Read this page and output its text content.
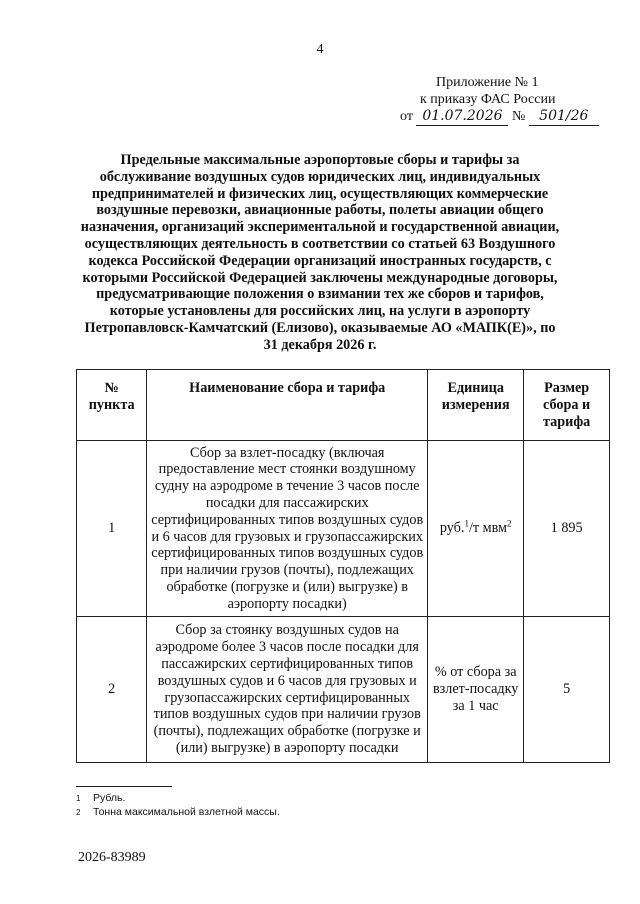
4
Приложение № 1
к приказу ФАС России
от 01.07.2026 № 501/26
Предельные максимальные аэропортовые сборы и тарифы за обслуживание воздушных судов юридических лиц, индивидуальных предпринимателей и физических лиц, осуществляющих коммерческие воздушные перевозки, авиационные работы, полеты авиации общего назначения, организаций экспериментальной и государственной авиации, осуществляющих деятельность в соответствии со статьей 63 Воздушного кодекса Российской Федерации организаций иностранных государств, с которыми Российской Федерацией заключены международные договоры, предусматривающие положения о взимании тех же сборов и тарифов, которые установлены для российских лиц, на услуги в аэропорту Петропавловск-Камчатский (Елизово), оказываемые АО «МАПК(Е)», по 31 декабря 2026 г.
№ пункта	Наименование сбора и тарифа	Единица измерения	Размер сбора и тарифа
1	Сбор за взлет-посадку (включая предоставление мест стоянки воздушному судну на аэродроме в течение 3 часов после посадки для пассажирских сертифицированных типов воздушных судов и 6 часов для грузовых и грузопассажирских сертифицированных типов воздушных судов при наличии грузов (почты), подлежащих обработке (погрузке и (или) выгрузке) в аэропорту посадки)	руб.$^1$/т мвм$^2$	1 895
2	Сбор за стоянку воздушных судов на аэродроме более 3 часов после посадки для пассажирских сертифицированных типов воздушных судов и 6 часов для грузовых и грузопассажирских сертифицированных типов воздушных судов при наличии грузов (почты), подлежащих обработке (погрузке и (или) выгрузке) в аэропорту посадки	% от сбора за взлет-посадку за 1 час	5
1 Рубль.
2 Тонна максимальной взлетной массы.
2026-83989
